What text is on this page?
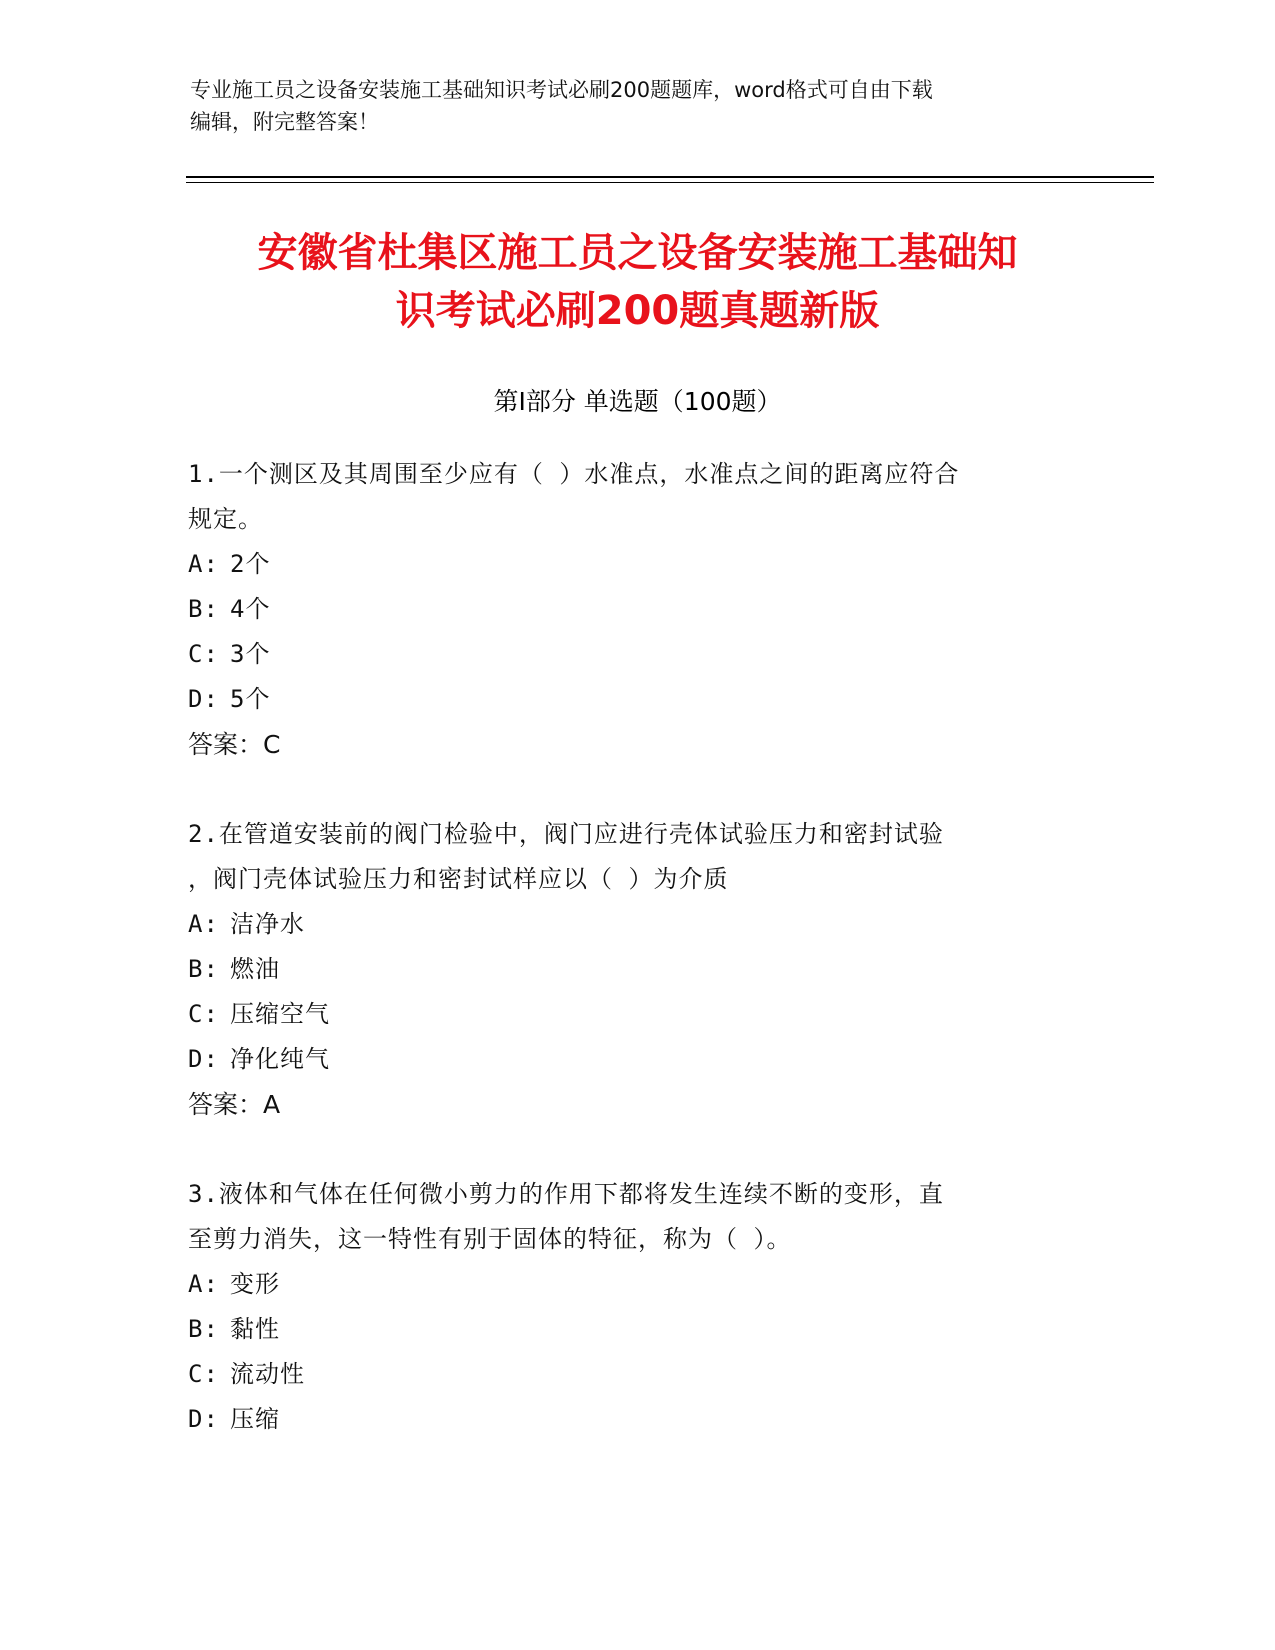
专业施工员之设备安装施工基础知识考试必刷200题题库，word格式可自由下载
编辑，附完整答案！
安徽省杜集区施工员之设备安装施工基础知
识考试必刷200题真题新版
第Ⅰ部分 单选题（100题）
1.一个测区及其周围至少应有（ ）水准点，水准点之间的距离应符合
规定。
A: 2个
B: 4个
C: 3个
D: 5个
答案：C
2.在管道安装前的阀门检验中，阀门应进行壳体试验压力和密封试验
，阀门壳体试验压力和密封试样应以（ ）为介质
A: 洁净水
B: 燃油
C: 压缩空气
D: 净化纯气
答案：A
3.液体和气体在任何微小剪力的作用下都将发生连续不断的变形，直
至剪力消失，这一特性有别于固体的特征，称为（ ）。
A: 变形
B: 黏性
C: 流动性
D: 压缩
